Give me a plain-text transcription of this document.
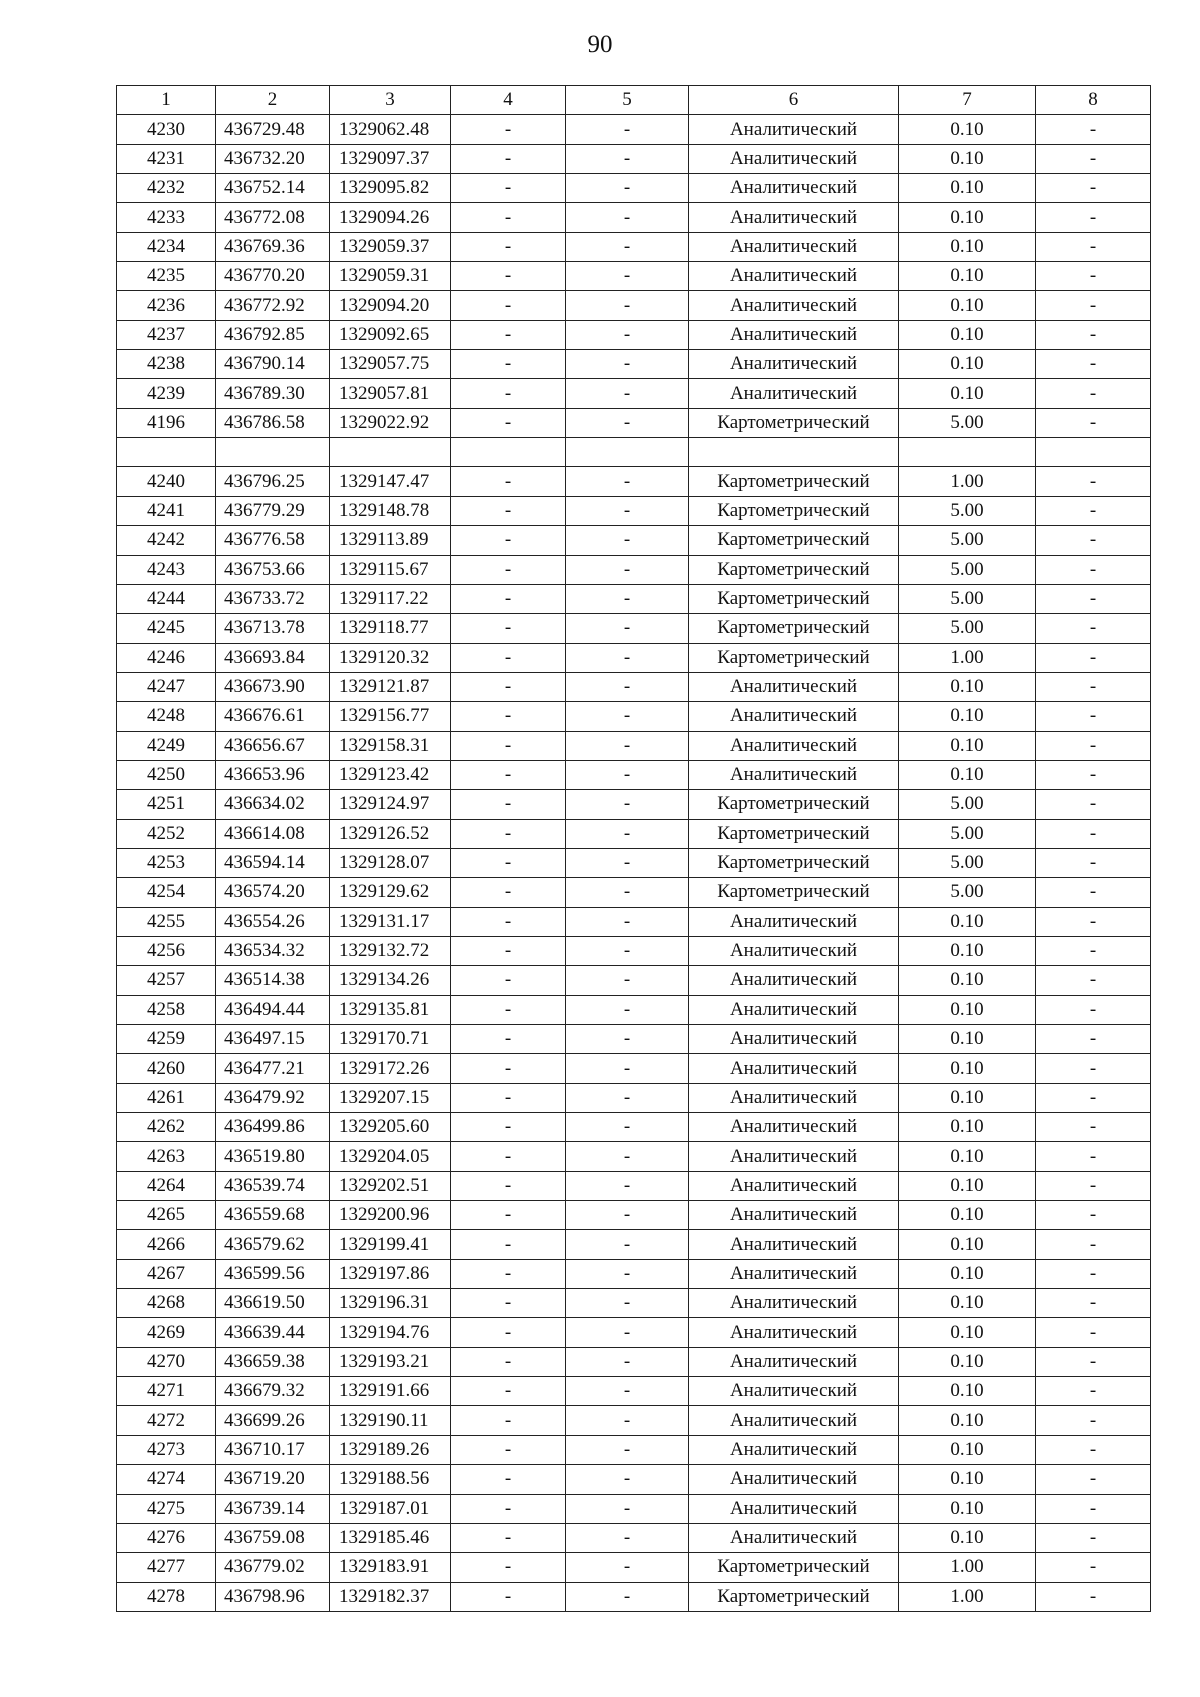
90
1	2	3	4	5	6	7	8
4230	436729.48	1329062.48	-	-	Аналитический	0.10	-
4231	436732.20	1329097.37	-	-	Аналитический	0.10	-
4232	436752.14	1329095.82	-	-	Аналитический	0.10	-
4233	436772.08	1329094.26	-	-	Аналитический	0.10	-
4234	436769.36	1329059.37	-	-	Аналитический	0.10	-
4235	436770.20	1329059.31	-	-	Аналитический	0.10	-
4236	436772.92	1329094.20	-	-	Аналитический	0.10	-
4237	436792.85	1329092.65	-	-	Аналитический	0.10	-
4238	436790.14	1329057.75	-	-	Аналитический	0.10	-
4239	436789.30	1329057.81	-	-	Аналитический	0.10	-
4196	436786.58	1329022.92	-	-	Картометрический	5.00	-

4240	436796.25	1329147.47	-	-	Картометрический	1.00	-
4241	436779.29	1329148.78	-	-	Картометрический	5.00	-
4242	436776.58	1329113.89	-	-	Картометрический	5.00	-
4243	436753.66	1329115.67	-	-	Картометрический	5.00	-
4244	436733.72	1329117.22	-	-	Картометрический	5.00	-
4245	436713.78	1329118.77	-	-	Картометрический	5.00	-
4246	436693.84	1329120.32	-	-	Картометрический	1.00	-
4247	436673.90	1329121.87	-	-	Аналитический	0.10	-
4248	436676.61	1329156.77	-	-	Аналитический	0.10	-
4249	436656.67	1329158.31	-	-	Аналитический	0.10	-
4250	436653.96	1329123.42	-	-	Аналитический	0.10	-
4251	436634.02	1329124.97	-	-	Картометрический	5.00	-
4252	436614.08	1329126.52	-	-	Картометрический	5.00	-
4253	436594.14	1329128.07	-	-	Картометрический	5.00	-
4254	436574.20	1329129.62	-	-	Картометрический	5.00	-
4255	436554.26	1329131.17	-	-	Аналитический	0.10	-
4256	436534.32	1329132.72	-	-	Аналитический	0.10	-
4257	436514.38	1329134.26	-	-	Аналитический	0.10	-
4258	436494.44	1329135.81	-	-	Аналитический	0.10	-
4259	436497.15	1329170.71	-	-	Аналитический	0.10	-
4260	436477.21	1329172.26	-	-	Аналитический	0.10	-
4261	436479.92	1329207.15	-	-	Аналитический	0.10	-
4262	436499.86	1329205.60	-	-	Аналитический	0.10	-
4263	436519.80	1329204.05	-	-	Аналитический	0.10	-
4264	436539.74	1329202.51	-	-	Аналитический	0.10	-
4265	436559.68	1329200.96	-	-	Аналитический	0.10	-
4266	436579.62	1329199.41	-	-	Аналитический	0.10	-
4267	436599.56	1329197.86	-	-	Аналитический	0.10	-
4268	436619.50	1329196.31	-	-	Аналитический	0.10	-
4269	436639.44	1329194.76	-	-	Аналитический	0.10	-
4270	436659.38	1329193.21	-	-	Аналитический	0.10	-
4271	436679.32	1329191.66	-	-	Аналитический	0.10	-
4272	436699.26	1329190.11	-	-	Аналитический	0.10	-
4273	436710.17	1329189.26	-	-	Аналитический	0.10	-
4274	436719.20	1329188.56	-	-	Аналитический	0.10	-
4275	436739.14	1329187.01	-	-	Аналитический	0.10	-
4276	436759.08	1329185.46	-	-	Аналитический	0.10	-
4277	436779.02	1329183.91	-	-	Картометрический	1.00	-
4278	436798.96	1329182.37	-	-	Картометрический	1.00	-
